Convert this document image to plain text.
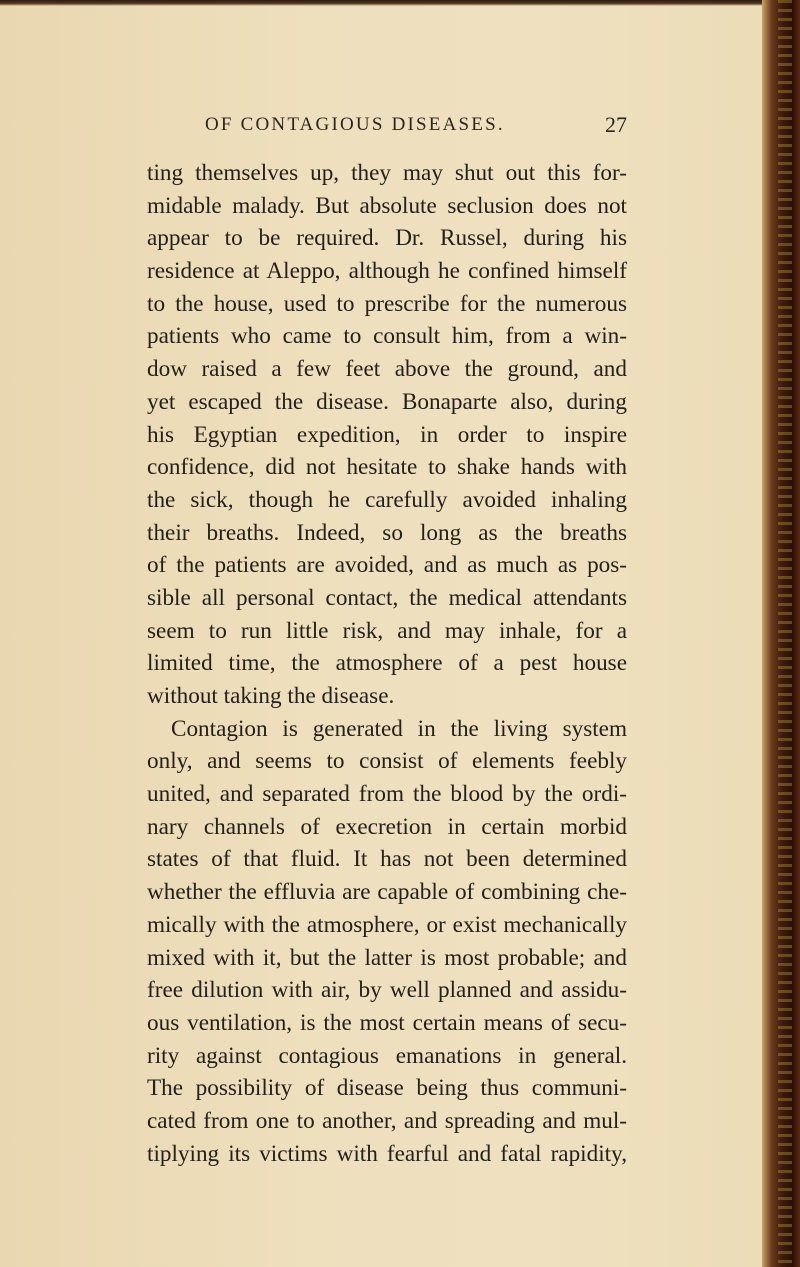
OF CONTAGIOUS DISEASES.	27
ting themselves up, they may shut out this for-
midable malady. But absolute seclusion does not
appear to be required. Dr. Russel, during his
residence at Aleppo, although he confined himself
to the house, used to prescribe for the numerous
patients who came to consult him, from a win-
dow raised a few feet above the ground, and
yet escaped the disease. Bonaparte also, during
his Egyptian expedition, in order to inspire
confidence, did not hesitate to shake hands with
the sick, though he carefully avoided inhaling
their breaths. Indeed, so long as the breaths
of the patients are avoided, and as much as pos-
sible all personal contact, the medical attendants
seem to run little risk, and may inhale, for a
limited time, the atmosphere of a pest house
without taking the disease.
Contagion is generated in the living system
only, and seems to consist of elements feebly
united, and separated from the blood by the ordi-
nary channels of execretion in certain morbid
states of that fluid. It has not been determined
whether the effluvia are capable of combining che-
mically with the atmosphere, or exist mechanically
mixed with it, but the latter is most probable; and
free dilution with air, by well planned and assidu-
ous ventilation, is the most certain means of secu-
rity against contagious emanations in general.
The possibility of disease being thus communi-
cated from one to another, and spreading and mul-
tiplying its victims with fearful and fatal rapidity,
